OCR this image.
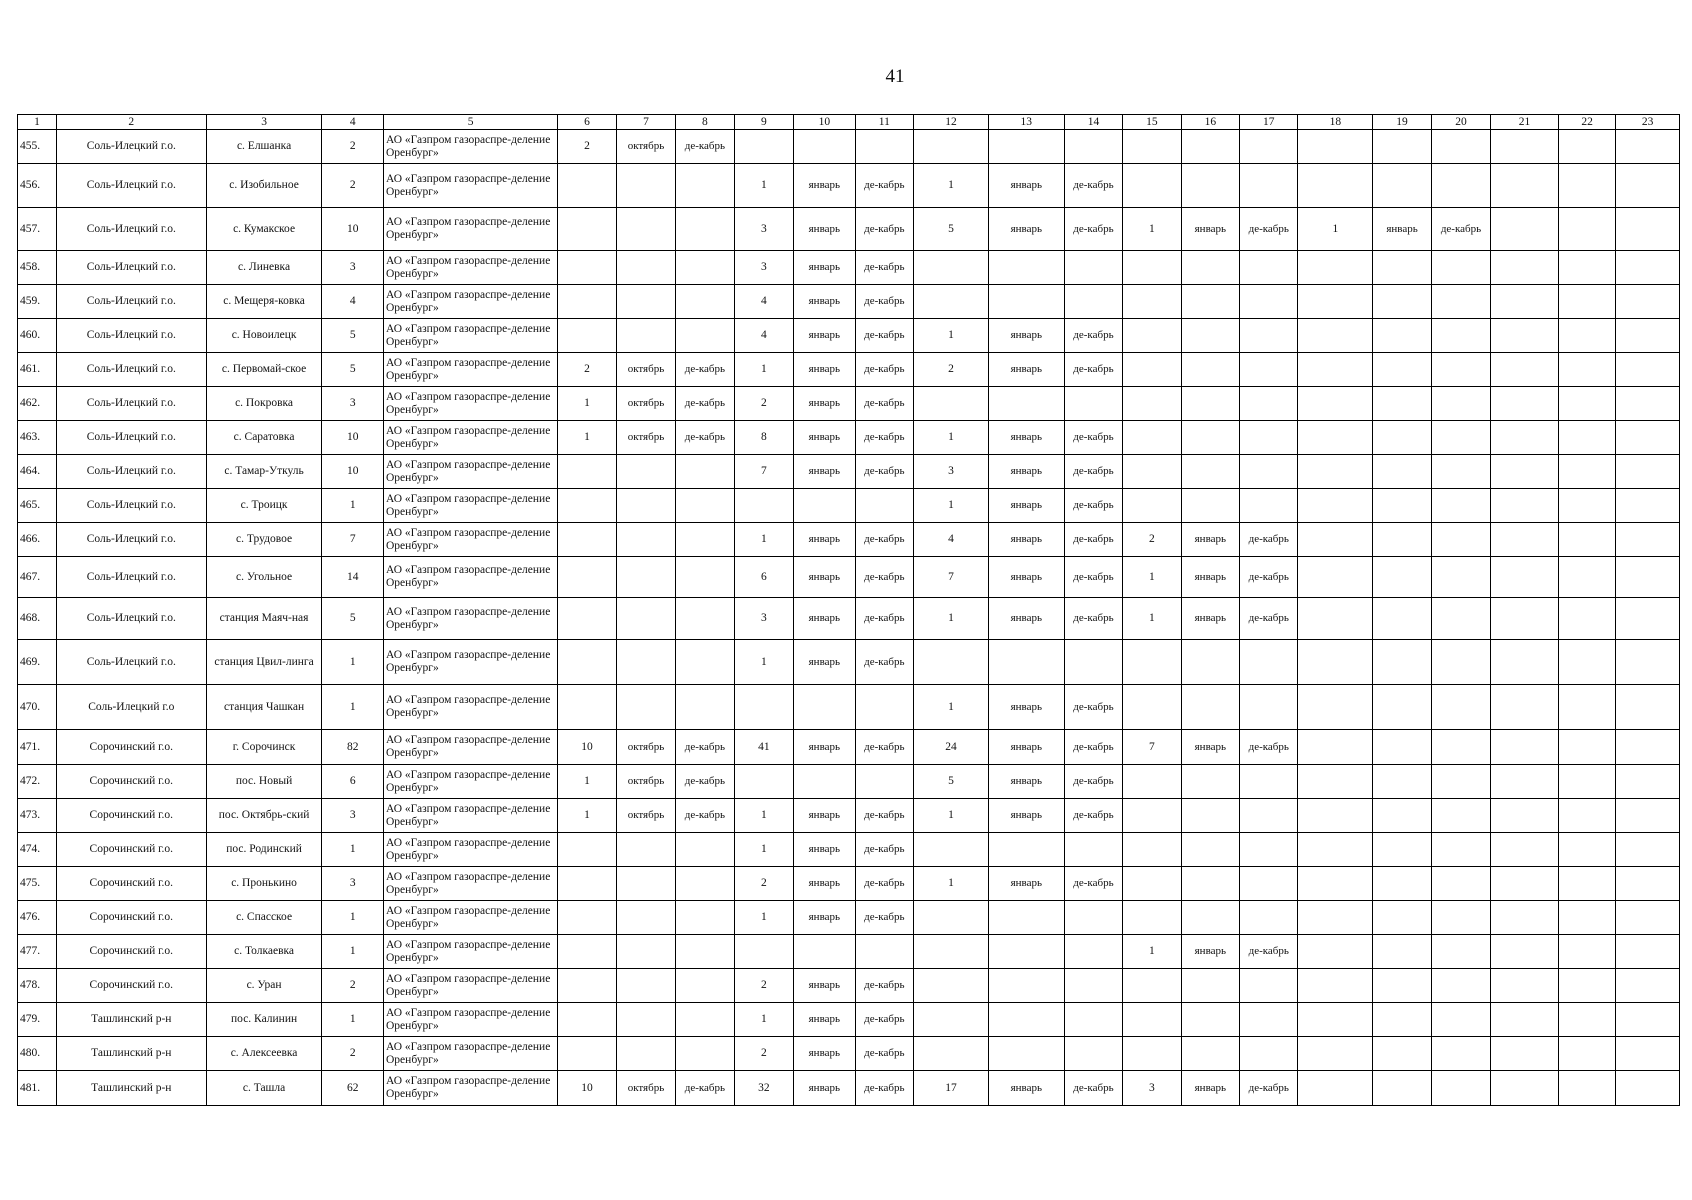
41
1	2	3	4	5	6	7	8	9	10	11	12	13	14	15	16	17	18	19	20	21	22	23
455.	Соль-Илецкий г.о.	с. Елшанка	2	АО «Газпром газораспре-деление Оренбург»	2	октябрь	де-кабрь															
456.	Соль-Илецкий г.о.	с. Изобильное	2	АО «Газпром газораспре-деление Оренбург»				1	январь	де-кабрь	1	январь	де-кабрь									
457.	Соль-Илецкий г.о.	с. Кумакское	10	АО «Газпром газораспре-деление Оренбург»				3	январь	де-кабрь	5	январь	де-кабрь	1	январь	де-кабрь	1	январь	де-кабрь			
458.	Соль-Илецкий г.о.	с. Линевка	3	АО «Газпром газораспре-деление Оренбург»				3	январь	де-кабрь												
459.	Соль-Илецкий г.о.	с. Мещеря-ковка	4	АО «Газпром газораспре-деление Оренбург»				4	январь	де-кабрь												
460.	Соль-Илецкий г.о.	с. Новоилецк	5	АО «Газпром газораспре-деление Оренбург»				4	январь	де-кабрь	1	январь	де-кабрь									
461.	Соль-Илецкий г.о.	с. Первомай-ское	5	АО «Газпром газораспре-деление Оренбург»	2	октябрь	де-кабрь	1	январь	де-кабрь	2	январь	де-кабрь									
462.	Соль-Илецкий г.о.	с. Покровка	3	АО «Газпром газораспре-деление Оренбург»	1	октябрь	де-кабрь	2	январь	де-кабрь												
463.	Соль-Илецкий г.о.	с. Саратовка	10	АО «Газпром газораспре-деление Оренбург»	1	октябрь	де-кабрь	8	январь	де-кабрь	1	январь	де-кабрь									
464.	Соль-Илецкий г.о.	с. Тамар-Уткуль	10	АО «Газпром газораспре-деление Оренбург»				7	январь	де-кабрь	3	январь	де-кабрь									
465.	Соль-Илецкий г.о.	с. Троицк	1	АО «Газпром газораспре-деление Оренбург»							1	январь	де-кабрь									
466.	Соль-Илецкий г.о.	с. Трудовое	7	АО «Газпром газораспре-деление Оренбург»				1	январь	де-кабрь	4	январь	де-кабрь	2	январь	де-кабрь						
467.	Соль-Илецкий г.о.	с. Угольное	14	АО «Газпром газораспре-деление Оренбург»				6	январь	де-кабрь	7	январь	де-кабрь	1	январь	де-кабрь						
468.	Соль-Илецкий г.о.	станция Маяч-ная	5	АО «Газпром газораспре-деление Оренбург»				3	январь	де-кабрь	1	январь	де-кабрь	1	январь	де-кабрь						
469.	Соль-Илецкий г.о.	станция Цвил-линга	1	АО «Газпром газораспре-деление Оренбург»				1	январь	де-кабрь												
470.	Соль-Илецкий г.о	станция Чашкан	1	АО «Газпром газораспре-деление Оренбург»							1	январь	де-кабрь									
471.	Сорочинский г.о.	г. Сорочинск	82	АО «Газпром газораспре-деление Оренбург»	10	октябрь	де-кабрь	41	январь	де-кабрь	24	январь	де-кабрь	7	январь	де-кабрь						
472.	Сорочинский г.о.	пос. Новый	6	АО «Газпром газораспре-деление Оренбург»	1	октябрь	де-кабрь				5	январь	де-кабрь									
473.	Сорочинский г.о.	пос. Октябрь-ский	3	АО «Газпром газораспре-деление Оренбург»	1	октябрь	де-кабрь	1	январь	де-кабрь	1	январь	де-кабрь									
474.	Сорочинский г.о.	пос. Родинский	1	АО «Газпром газораспре-деление Оренбург»				1	январь	де-кабрь												
475.	Сорочинский г.о.	с. Пронькино	3	АО «Газпром газораспре-деление Оренбург»				2	январь	де-кабрь	1	январь	де-кабрь									
476.	Сорочинский г.о.	с. Спасское	1	АО «Газпром газораспре-деление Оренбург»				1	январь	де-кабрь												
477.	Сорочинский г.о.	с. Толкаевка	1	АО «Газпром газораспре-деление Оренбург»										1	январь	де-кабрь						
478.	Сорочинский г.о.	с. Уран	2	АО «Газпром газораспре-деление Оренбург»				2	январь	де-кабрь												
479.	Ташлинский р-н	пос. Калинин	1	АО «Газпром газораспре-деление Оренбург»				1	январь	де-кабрь												
480.	Ташлинский р-н	с. Алексеевка	2	АО «Газпром газораспре-деление Оренбург»				2	январь	де-кабрь												
481.	Ташлинский р-н	с. Ташла	62	АО «Газпром газораспре-деление Оренбург»	10	октябрь	де-кабрь	32	январь	де-кабрь	17	январь	де-кабрь	3	январь	де-кабрь						
